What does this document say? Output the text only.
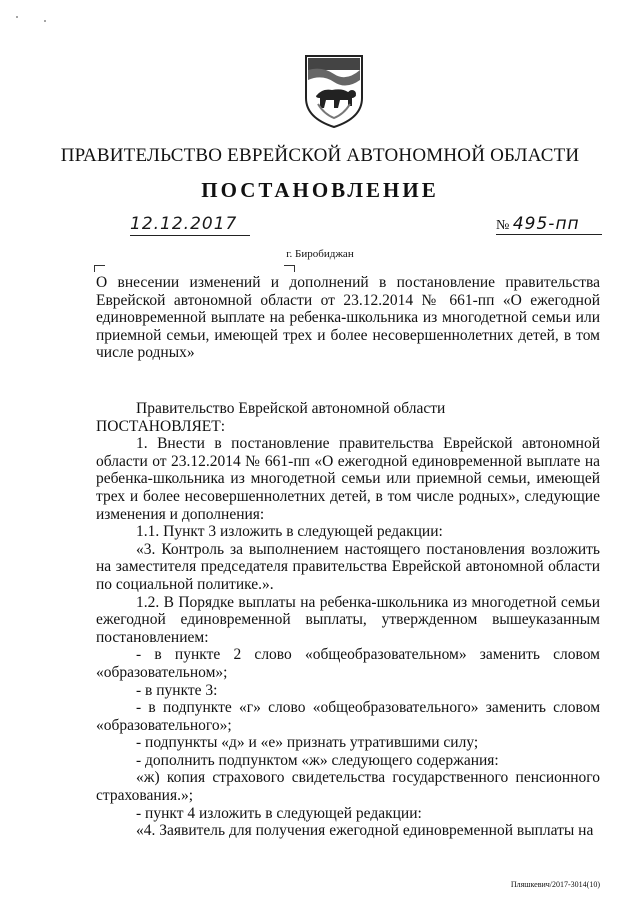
ПРАВИТЕЛЬСТВО ЕВРЕЙСКОЙ АВТОНОМНОЙ ОБЛАСТИ
ПОСТАНОВЛЕНИЕ
12.12.2017	№ 495-пп
г. Биробиджан

О внесении изменений и дополнений в постановление правительства Еврейской автономной области от 23.12.2014 № 661-пп «О ежегодной единовременной выплате на ребенка-школьника из многодетной семьи или приемной семьи, имеющей трех и более несовершеннолетних детей, в том числе родных»

Правительство Еврейской автономной области

ПОСТАНОВЛЯЕТ:

1. Внести в постановление правительства Еврейской автономной области от 23.12.2014 № 661-пп «О ежегодной единовременной выплате на ребенка-школьника из многодетной семьи или приемной семьи, имеющей трех и более несовершеннолетних детей, в том числе родных», следующие изменения и дополнения:

1.1. Пункт 3 изложить в следующей редакции:

«3. Контроль за выполнением настоящего постановления возложить на заместителя председателя правительства Еврейской автономной области по социальной политике.».

1.2. В Порядке выплаты на ребенка-школьника из многодетной семьи ежегодной единовременной выплаты, утвержденном вышеуказанным постановлением:

- в пункте 2 слово «общеобразовательном» заменить словом «образовательном»;

- в пункте 3:

- в подпункте «г» слово «общеобразовательного» заменить словом «образовательного»;

- подпункты «д» и «е» признать утратившими силу;

- дополнить подпунктом «ж» следующего содержания:

«ж) копия страхового свидетельства государственного пенсионного страхования.»;

- пункт 4 изложить в следующей редакции:

«4. Заявитель для получения ежегодной единовременной выплаты на

Пляшкевич/2017-3014(10)
